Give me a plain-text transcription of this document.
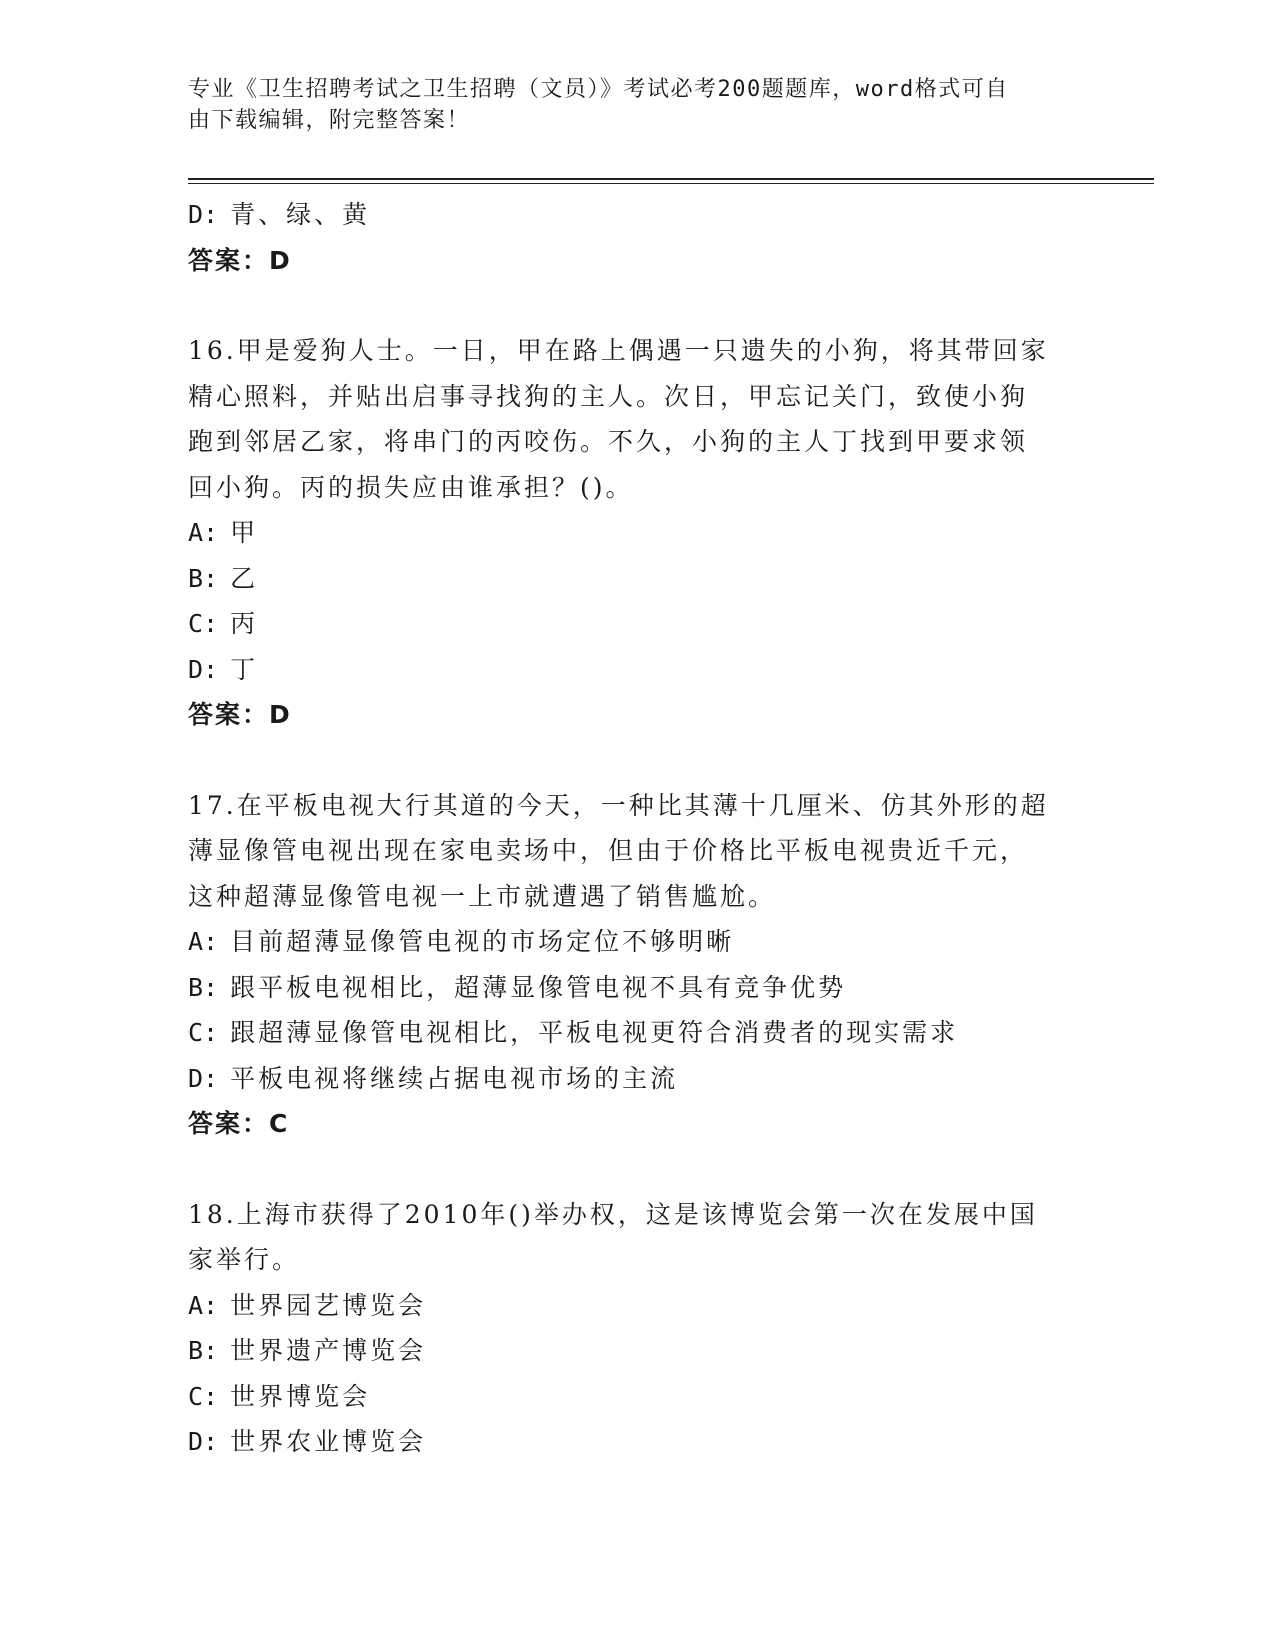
专业《卫生招聘考试之卫生招聘（文员）》考试必考200题题库，word格式可自
由下载编辑，附完整答案！
D: 青、绿、黄
答案：D
16.甲是爱狗人士。一日，甲在路上偶遇一只遗失的小狗，将其带回家
精心照料，并贴出启事寻找狗的主人。次日，甲忘记关门，致使小狗
跑到邻居乙家，将串门的丙咬伤。不久，小狗的主人丁找到甲要求领
回小狗。丙的损失应由谁承担？()。
A: 甲
B: 乙
C: 丙
D: 丁
答案：D
17.在平板电视大行其道的今天，一种比其薄十几厘米、仿其外形的超
薄显像管电视出现在家电卖场中，但由于价格比平板电视贵近千元，
这种超薄显像管电视一上市就遭遇了销售尴尬。
A: 目前超薄显像管电视的市场定位不够明晰
B: 跟平板电视相比，超薄显像管电视不具有竞争优势
C: 跟超薄显像管电视相比，平板电视更符合消费者的现实需求
D: 平板电视将继续占据电视市场的主流
答案：C
18.上海市获得了2010年()举办权，这是该博览会第一次在发展中国
家举行。
A: 世界园艺博览会
B: 世界遗产博览会
C: 世界博览会
D: 世界农业博览会
